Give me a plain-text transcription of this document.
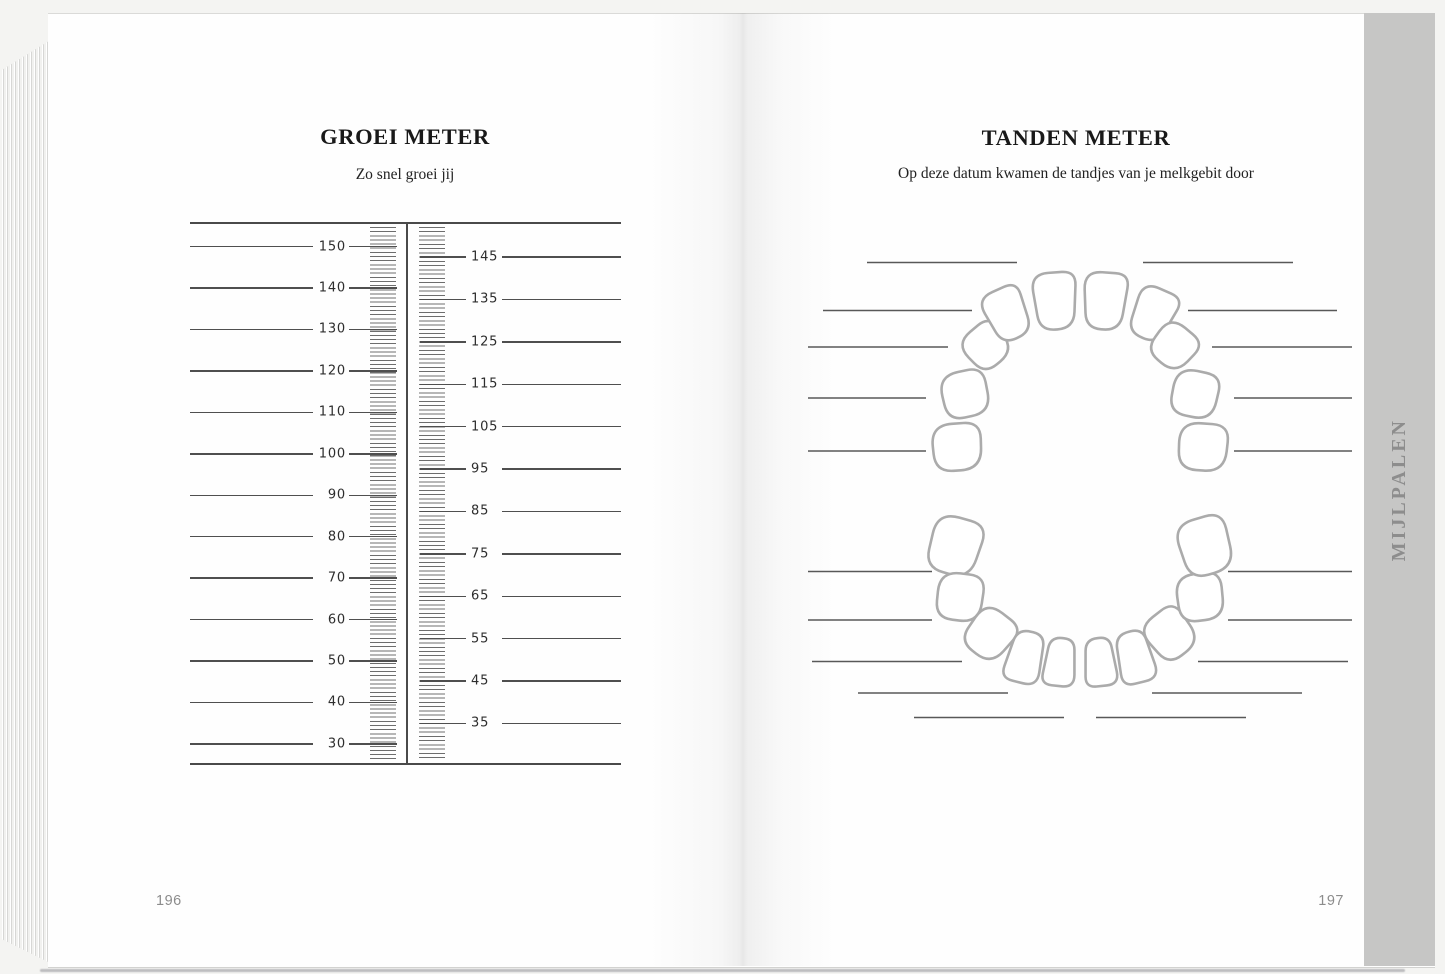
GROEI METER
Zo snel groei jij
150
140
130
120
110
100
90
80
70
60
50
40
30
145
135
125
115
105
95
85
75
65
55
45
35
196
TANDEN METER
Op deze datum kwamen de tandjes van je melkgebit door
197
MIJLPALEN
